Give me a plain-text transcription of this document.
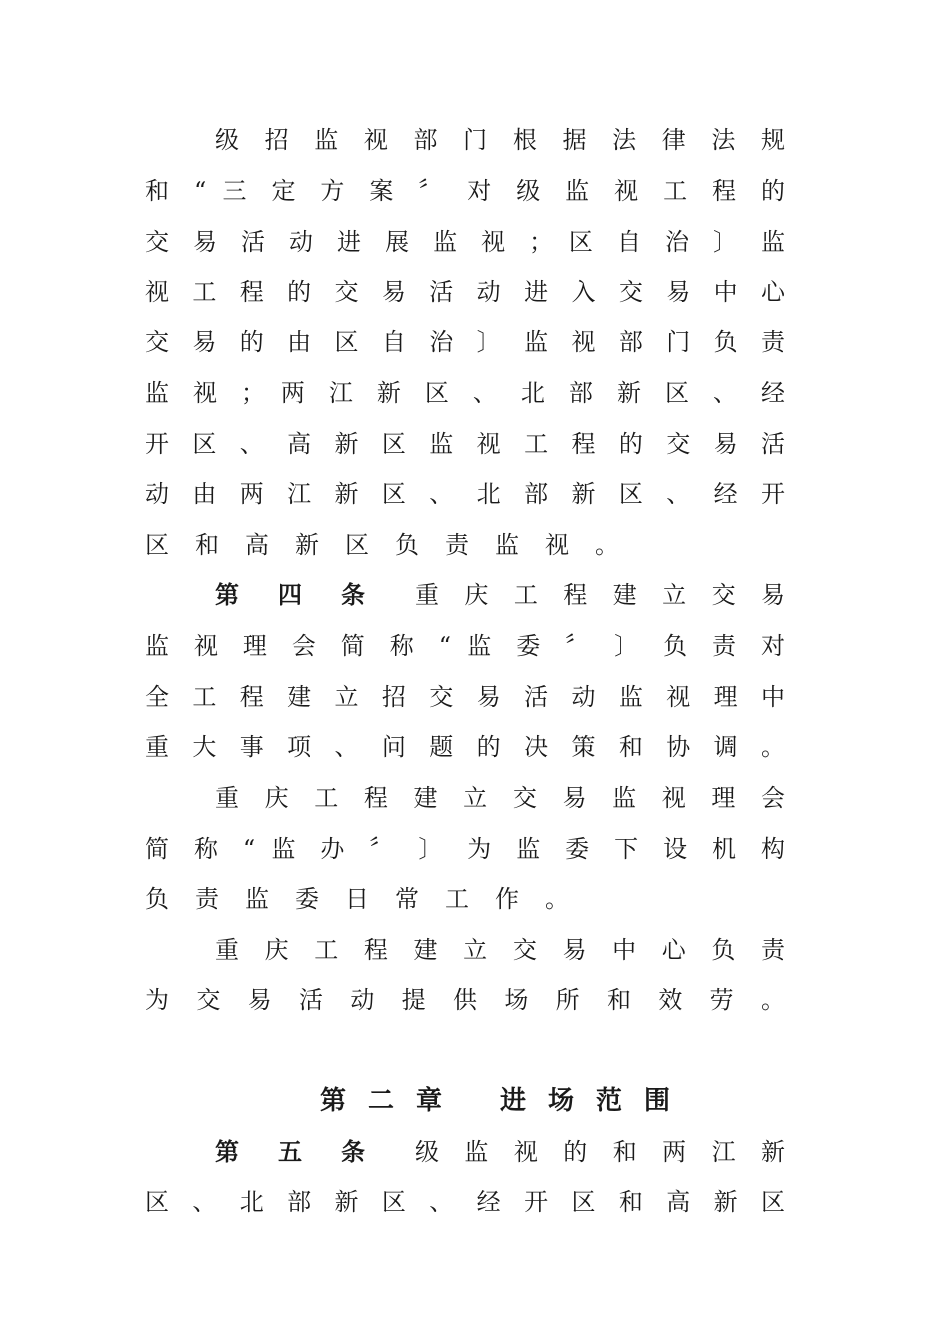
级 招 监 视 部 门 根 据 法 律 法 规
和 “ 三 定 方 案 〞 对 级 监 视 工 程 的
交 易 活 动 进 展 监 视 ； 区 自 治 〕 监
视 工 程 的 交 易 活 动 进 入 交 易 中 心
交 易 的 由 区 自 治 〕 监 视 部 门 负 责
监 视 ； 两 江 新 区 、 北 部 新 区 、 经
开 区 、 高 新 区 监 视 工 程 的 交 易 活
动 由 两 江 新 区 、 北 部 新 区 、 经 开
区和高新区负责监视。
第 四 条 重 庆 工 程 建 立 交 易
监 视 理 会 简 称 “ 监 委 〞 〕 负 责 对
全 工 程 建 立 招 交 易 活 动 监 视 理 中
重 大 事 项 、 问 题 的 决 策 和 协 调 。
重 庆 工 程 建 立 交 易 监 视 理 会
简 称 “ 监 办 〞 〕 为 监 委 下 设 机 构
负责监委日常工作。
重 庆 工 程 建 立 交 易 中 心 负 责
为 交 易 活 动 提 供 场 所 和 效 劳 。
第二章 进场范围
第 五 条 级 监 视 的 和 两 江 新
区 、 北 部 新 区 、 经 开 区 和 高 新 区
